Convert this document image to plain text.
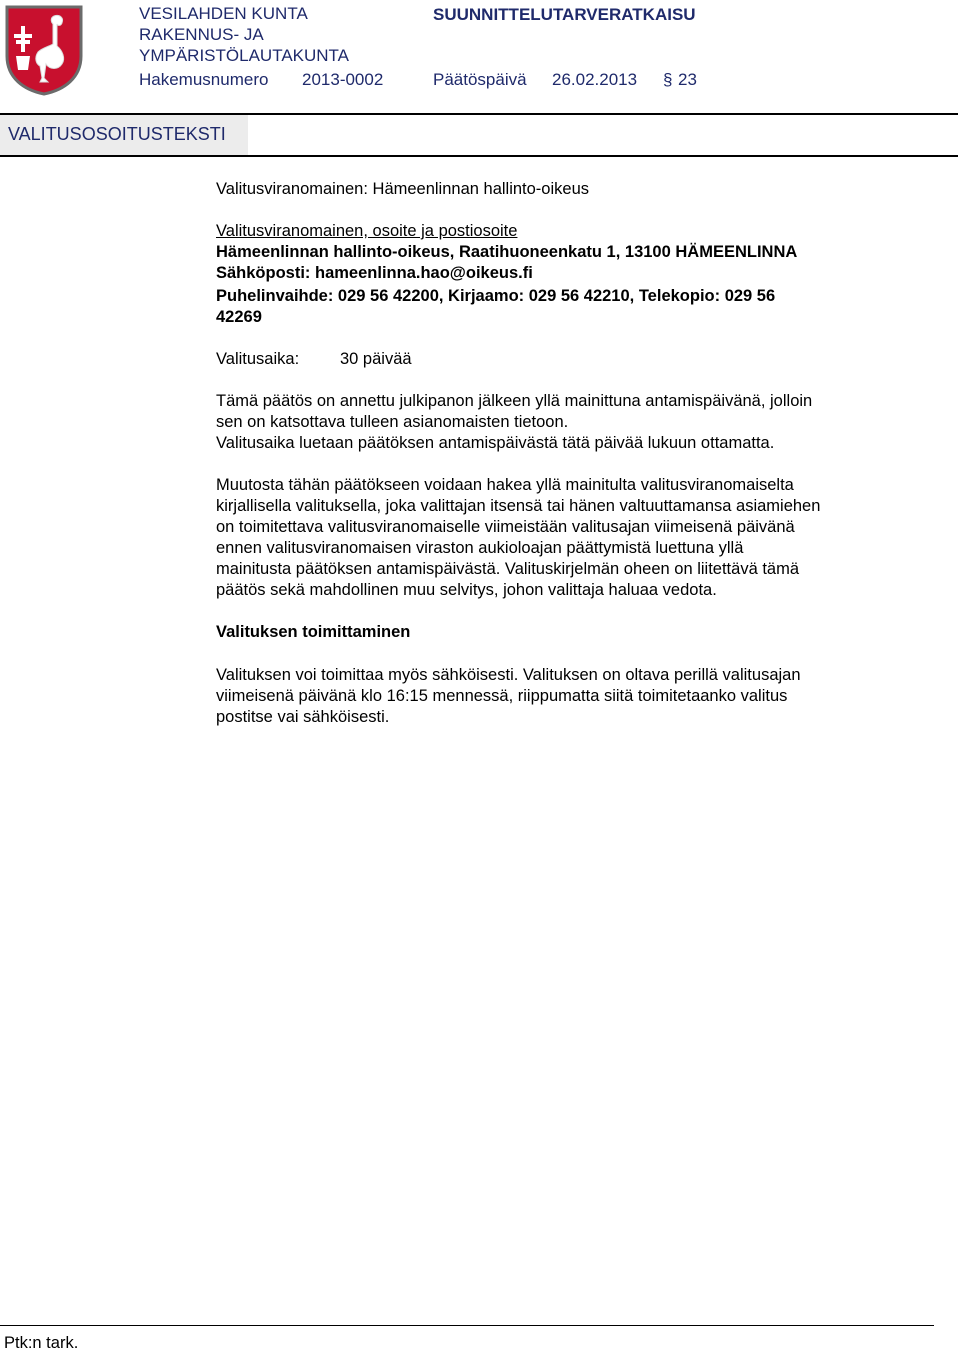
VESILAHDEN KUNTA
RAKENNUS- JA
YMPÄRISTÖLAUTAKUNTA
SUUNNITTELUTARVERATKAISU
Hakemusnumero 2013-0002	Päätöspäivä 26.02.2013 § 23
VALITUSOSOITUSTEKSTI
Valitusviranomainen: Hämeenlinnan hallinto-oikeus
Valitusviranomainen, osoite ja postiosoite
Hämeenlinnan hallinto-oikeus, Raatihuoneenkatu 1, 13100 HÄMEENLINNA
Sähköposti: hameenlinna.hao@oikeus.fi
Puhelinvaihde: 029 56 42200, Kirjaamo: 029 56 42210, Telekopio: 029 56
42269
Valitusaika: 30 päivää
Tämä päätös on annettu julkipanon jälkeen yllä mainittuna antamispäivänä, jolloin
sen on katsottava tulleen asianomaisten tietoon.
Valitusaika luetaan päätöksen antamispäivästä tätä päivää lukuun ottamatta.
Muutosta tähän päätökseen voidaan hakea yllä mainitulta valitusviranomaiselta
kirjallisella valituksella, joka valittajan itsensä tai hänen valtuuttamansa asiamiehen
on toimitettava valitusviranomaiselle viimeistään valitusajan viimeisenä päivänä
ennen valitusviranomaisen viraston aukioloajan päättymistä luettuna yllä
mainitusta päätöksen antamispäivästä. Valituskirjelmän oheen on liitettävä tämä
päätös sekä mahdollinen muu selvitys, johon valittaja haluaa vedota.
Valituksen toimittaminen
Valituksen voi toimittaa myös sähköisesti. Valituksen on oltava perillä valitusajan
viimeisenä päivänä klo 16:15 mennessä, riippumatta siitä toimitetaanko valitus
postitse vai sähköisesti.
Ptk:n tark.
